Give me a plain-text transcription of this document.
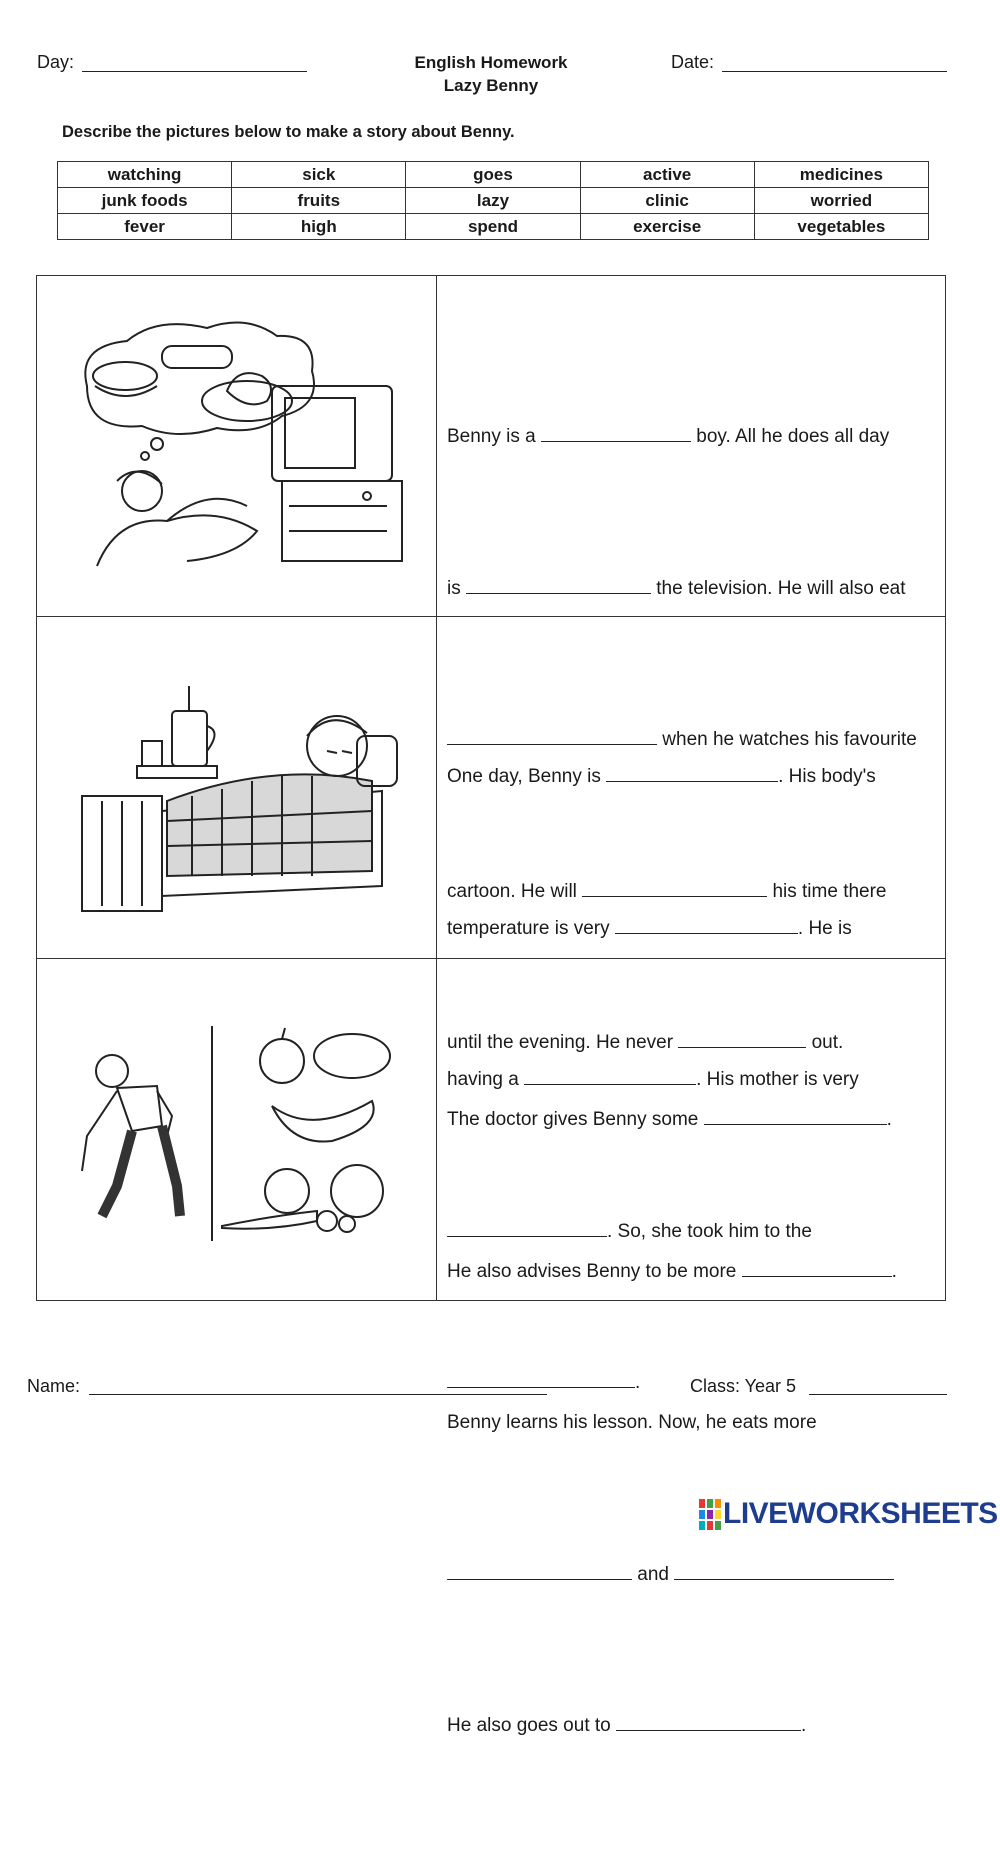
Day:	English Homework
Lazy Benny
Date:
Describe the pictures below to make a story about Benny.
watching	sick	goes	active	medicines
junk foods	fruits	lazy	clinic	worried
fever	high	spend	exercise	vegetables

Benny is a	boy. All he does all day

is	the television. He will also eat

when he watches his favourite

cartoon. He will	his time there

until the evening. He never	out.

One day, Benny is	. His body's

temperature is very	. He is

having a	. His mother is very

. So, she took him to the

.

The doctor gives Benny some	.

He also advises Benny to be more	.

Benny learns his lesson. Now, he eats more

and

He also goes out to	.

Name:	Class: Year 5
LIVEWORKSHEETS
